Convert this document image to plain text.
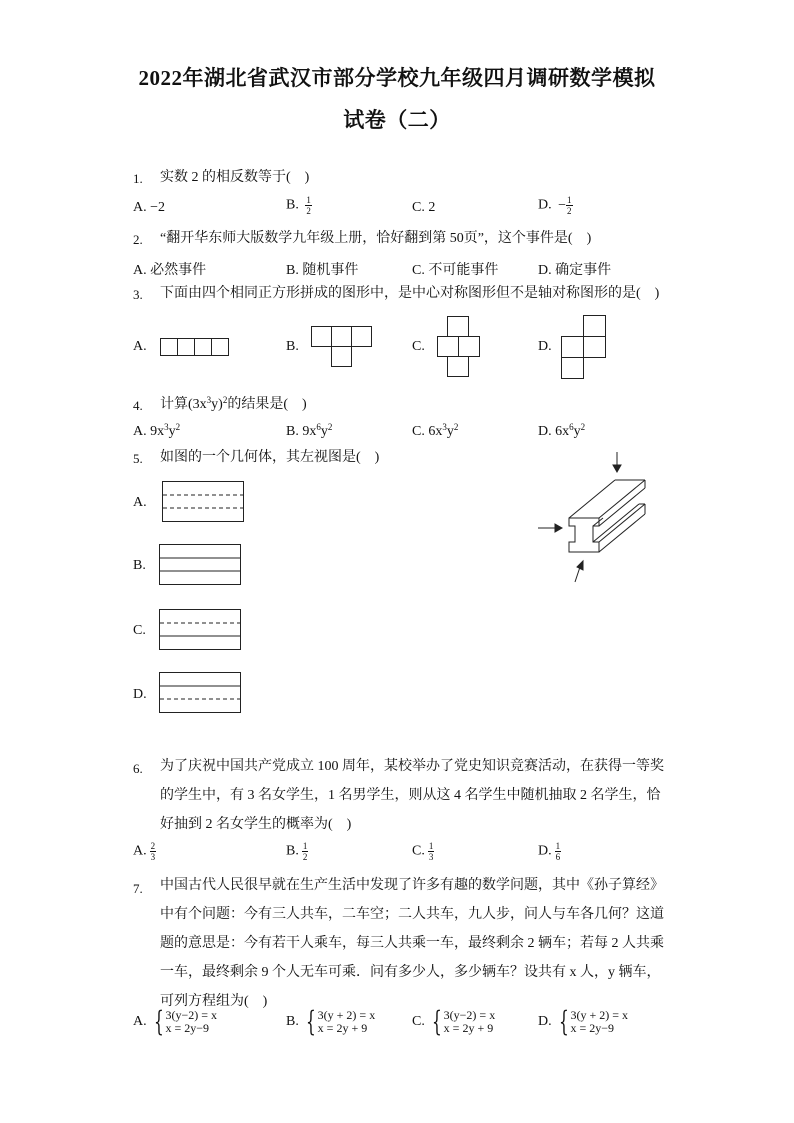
2022年湖北省武汉市部分学校九年级四月调研数学模拟
试卷（二）
1. 实数 2 的相反数等于(　)
A. −2	B. $\frac{1}{2}$	C. 2	D. − $\frac{1}{2}$
2. “翻开华东师大版数学九年级上册，恰好翻到第 50页”，这个事件是(　)
A. 必然事件	B. 随机事件	C. 不可能事件	D. 确定事件
3. 下面由四个相同正方形拼成的图形中，是中心对称图形但不是轴对称图形的是(　)
A.	B.	C.	D.
4. 计算$(3x^3y)^2$的结果是(　)
A. $9x^3y^2$	B. $9x^6y^2$	C. $6x^3y^2$	D. $6x^6y^2$
5. 如图的一个几何体，其左视图是(　)
A.
B.
C.
D.
6. 为了庆祝中国共产党成立 100 周年，某校举办了党史知识竞赛活动，在获得一等奖
的学生中，有 3 名女学生，1 名男学生，则从这 4 名学生中随机抽取 2 名学生，恰
好抽到 2 名女学生的概率为(　)
A. $\frac{2}{3}$	B. $\frac{1}{2}$	C. $\frac{1}{3}$	D. $\frac{1}{6}$
7. 中国古代人民很早就在生产生活中发现了许多有趣的数学问题，其中《孙子算经》
中有个问题：今有三人共车，二车空；二人共车，九人步，问人与车各几何？这道
题的意思是：今有若干人乘车，每三人共乘一车，最终剩余 2 辆车；若每 2 人共乘
一车，最终剩余 9 个人无车可乘．问有多少人，多少辆车？设共有 x 人，y 辆车，
可列方程组为(　)
A. { 3(y−2) = x
x = 2y−9	B. { 3(y + 2) = x
x = 2y + 9	C. { 3(y−2) = x
x = 2y + 9	D. { 3(y + 2) = x
x = 2y−9
